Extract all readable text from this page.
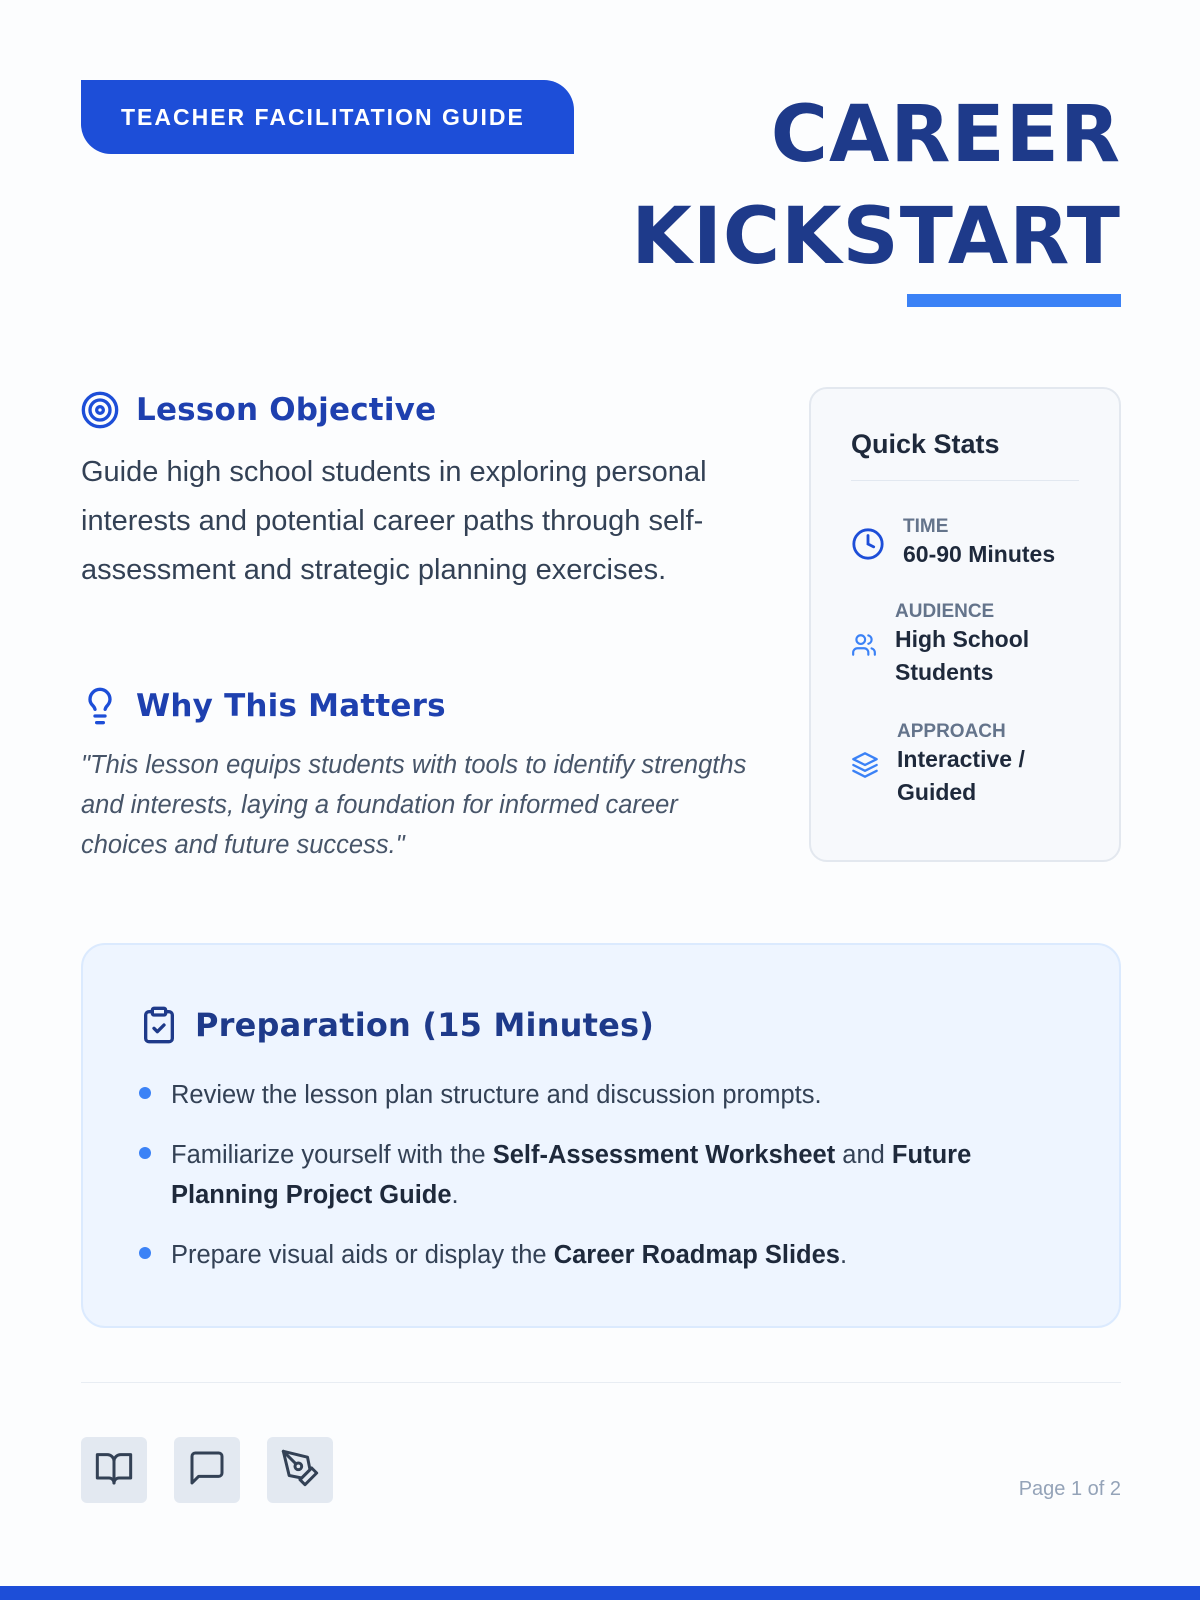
TEACHER FACILITATION GUIDE	CAREER
KICKSTART
Lesson Objective

Guide high school students in exploring personal interests and potential career paths through self-assessment and strategic planning exercises.

Why This Matters

"This lesson equips students with tools to identify strengths and interests, laying a foundation for informed career choices and future success."

Quick Stats
TIME
60-90 Minutes
AUDIENCE
High School Students
APPROACH
Interactive / Guided
Preparation (15 Minutes)
Review the lesson plan structure and discussion prompts.
Familiarize yourself with the Self-Assessment Worksheet and Future Planning Project Guide.
Prepare visual aids or display the Career Roadmap Slides.
Page 1 of 2
